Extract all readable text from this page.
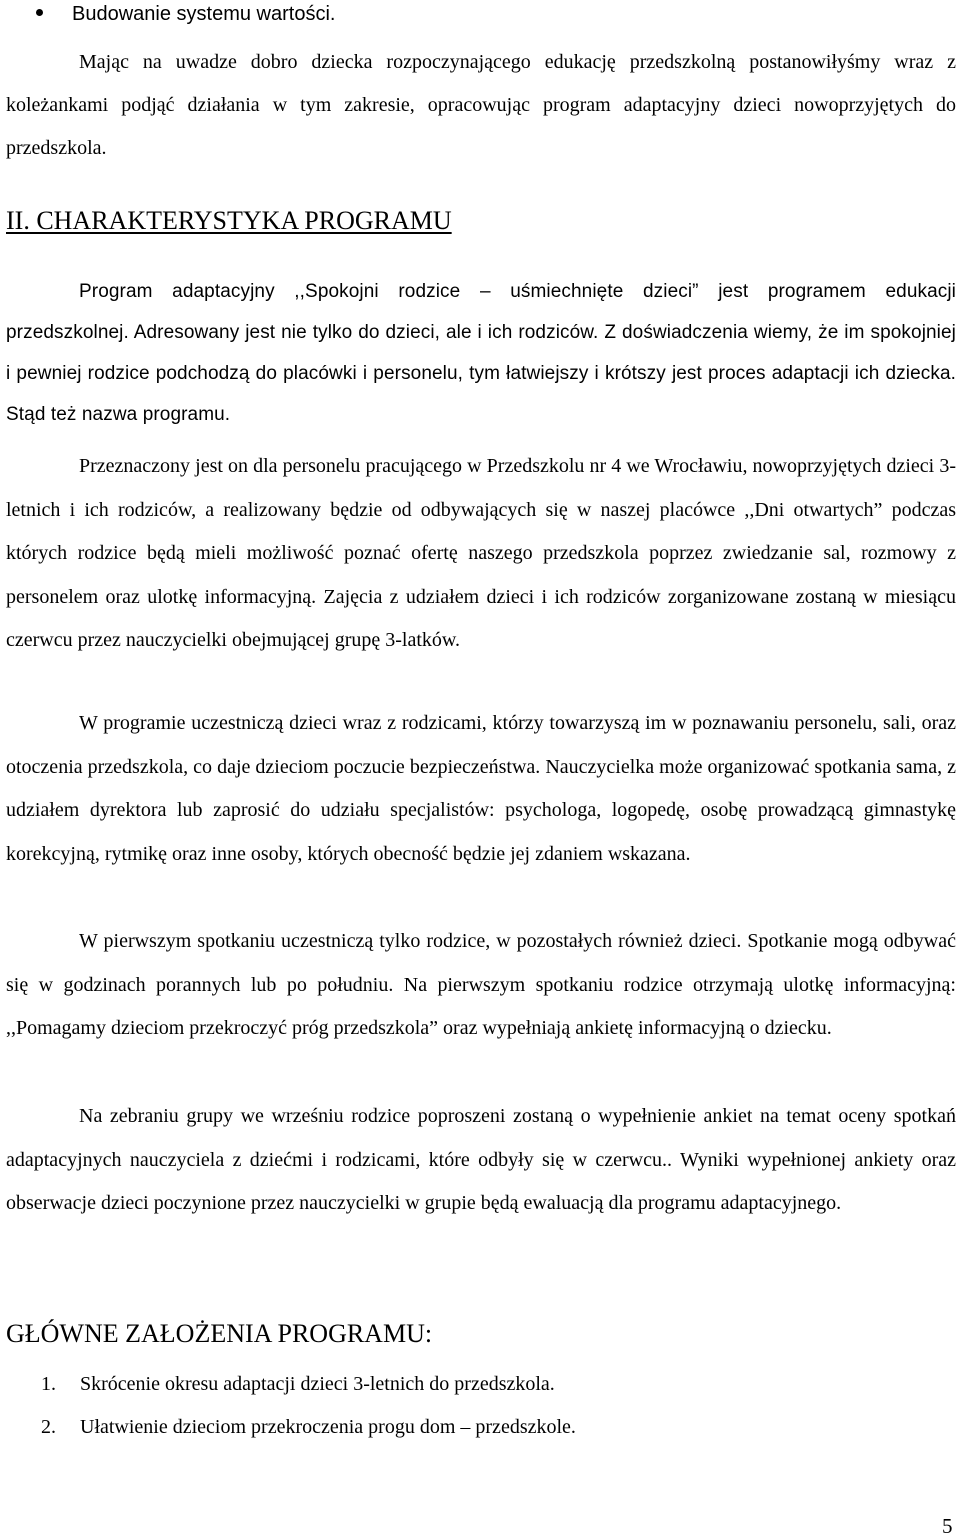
Budowanie systemu wartości.

Mając na uwadze dobro dziecka rozpoczynającego edukację przedszkolną postanowiłyśmy wraz z koleżankami podjąć działania w tym zakresie, opracowując program adaptacyjny dzieci nowoprzyjętych do przedszkola.

II. CHARAKTERYSTYKA PROGRAMU

Program adaptacyjny ,,Spokojni rodzice – uśmiechnięte dzieci” jest programem edukacji przedszkolnej. Adresowany jest nie tylko do dzieci, ale i ich rodziców. Z doświadczenia wiemy, że im spokojniej i pewniej rodzice podchodzą do placówki i personelu, tym łatwiejszy i krótszy jest proces adaptacji ich dziecka. Stąd też nazwa programu.

Przeznaczony jest on dla personelu pracującego w Przedszkolu nr 4 we Wrocławiu, nowoprzyjętych dzieci 3-letnich i ich rodziców, a realizowany będzie od odbywających się w naszej placówce ,,Dni otwartych” podczas których rodzice będą mieli możliwość poznać ofertę naszego przedszkola poprzez zwiedzanie sal, rozmowy z personelem oraz ulotkę informacyjną. Zajęcia z udziałem dzieci i ich rodziców zorganizowane zostaną w miesiącu czerwcu przez nauczycielki obejmującej grupę 3-latków.

W programie uczestniczą dzieci wraz z rodzicami, którzy towarzyszą im w poznawaniu personelu, sali, oraz otoczenia przedszkola, co daje dzieciom poczucie bezpieczeństwa. Nauczycielka może organizować spotkania sama, z udziałem dyrektora lub zaprosić do udziału specjalistów: psychologa, logopedę, osobę prowadzącą gimnastykę korekcyjną, rytmikę oraz inne osoby, których obecność będzie jej zdaniem wskazana.

W pierwszym spotkaniu uczestniczą tylko rodzice, w pozostałych również dzieci. Spotkanie mogą odbywać się w godzinach porannych lub po południu. Na pierwszym spotkaniu rodzice otrzymają ulotkę informacyjną: ,,Pomagamy dzieciom przekroczyć próg przedszkola” oraz wypełniają ankietę informacyjną o dziecku.

Na zebraniu grupy we wrześniu rodzice poproszeni zostaną o wypełnienie ankiet na temat oceny spotkań adaptacyjnych nauczyciela z dziećmi i rodzicami, które odbyły się w czerwcu.. Wyniki wypełnionej ankiety oraz obserwacje dzieci poczynione przez nauczycielki w grupie będą ewaluacją dla programu adaptacyjnego.

GŁÓWNE ZAŁOŻENIA PROGRAMU:
1. Skrócenie okresu adaptacji dzieci 3-letnich do przedszkola.
2. Ułatwienie dzieciom przekroczenia progu dom – przedszkole.
5
